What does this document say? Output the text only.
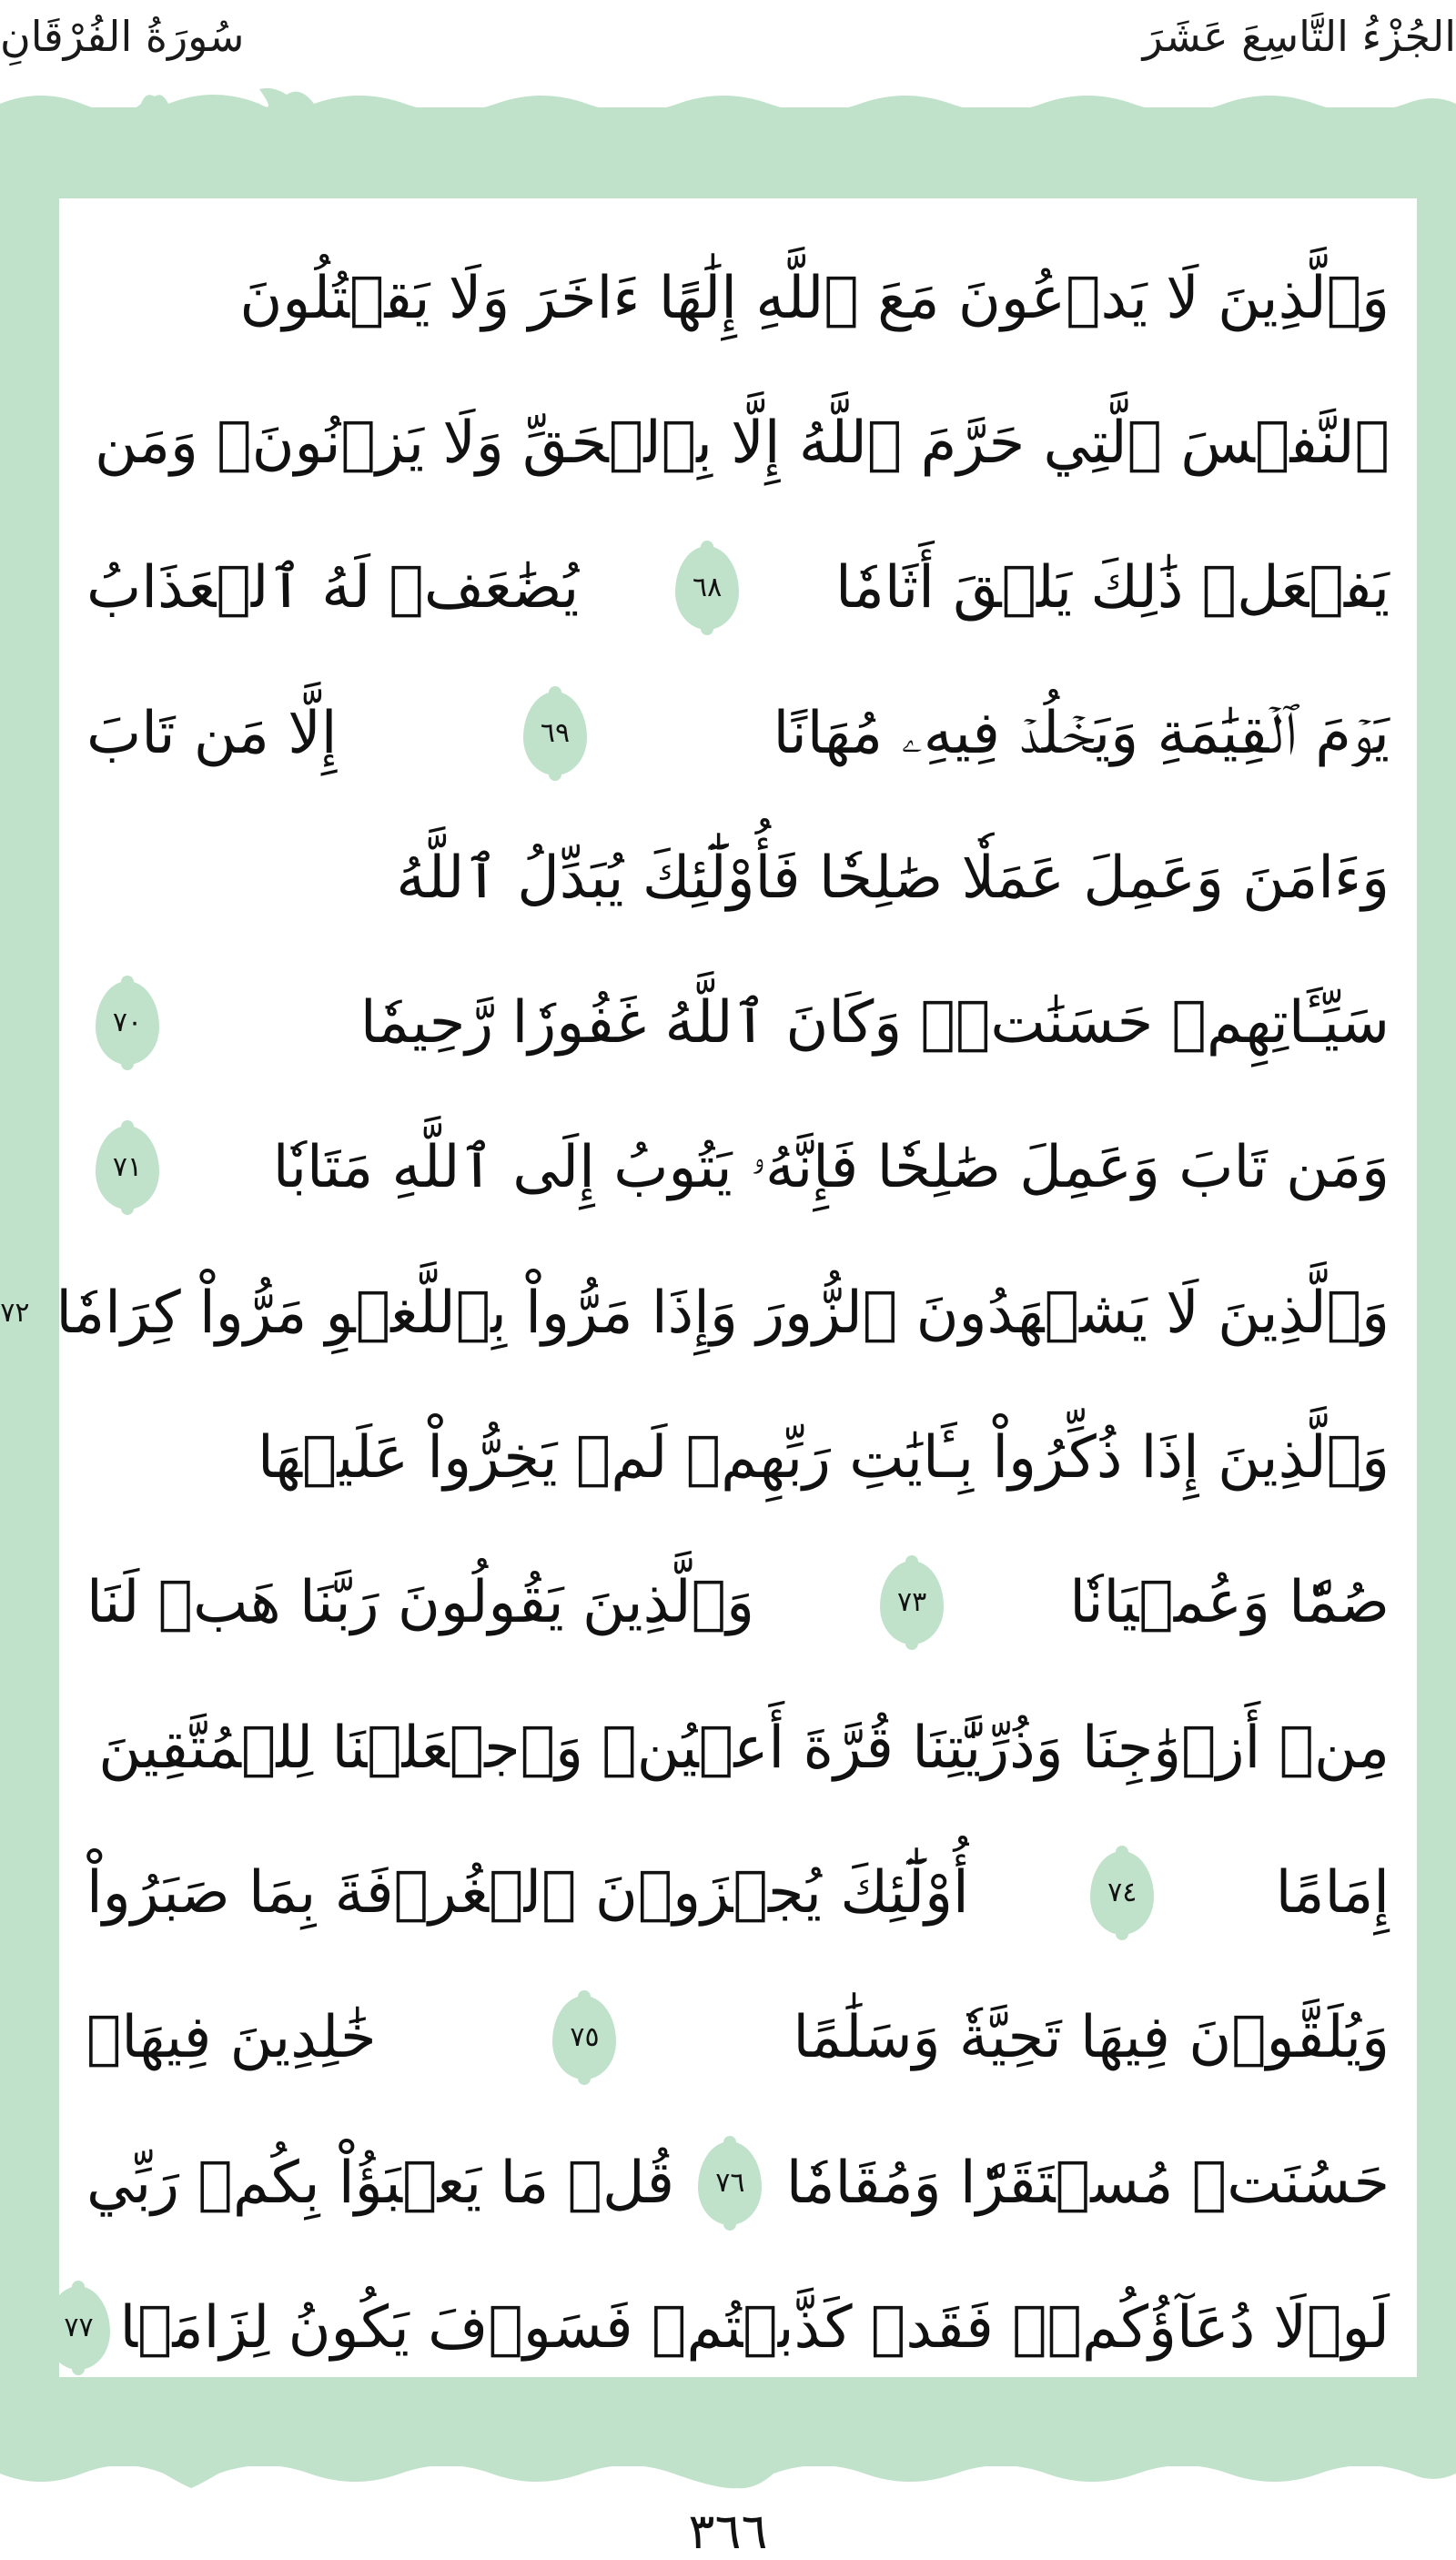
الجُزْءُ التَّاسِعَ عَشَرَ
سُورَةُ الفُرْقَانِ
وَٱلَّذِينَ لَا يَدۡعُونَ مَعَ ٱللَّهِ إِلَٰهًا ءَاخَرَ وَلَا يَقۡتُلُونَ
ٱلنَّفۡسَ ٱلَّتِي حَرَّمَ ٱللَّهُ إِلَّا بِٱلۡحَقِّ وَلَا يَزۡنُونَۚ وَمَن
يَفۡعَلۡ ذَٰلِكَ يَلۡقَ أَثَامٗا
٦٨
يُضَٰعَفۡ لَهُ ٱلۡعَذَابُ
يَوۡمَ ٱلۡقِيَٰمَةِ وَيَخۡلُدۡ فِيهِۦ مُهَانًا
٦٩
إِلَّا مَن تَابَ
وَءَامَنَ وَعَمِلَ عَمَلٗا صَٰلِحٗا فَأُوْلَٰٓئِكَ يُبَدِّلُ ٱللَّهُ
سَيِّـَٔاتِهِمۡ حَسَنَٰتٖۗ وَكَانَ ٱللَّهُ غَفُورٗا رَّحِيمٗا
٧٠
وَمَن تَابَ وَعَمِلَ صَٰلِحٗا فَإِنَّهُۥ يَتُوبُ إِلَى ٱللَّهِ مَتَابٗا
٧١
وَٱلَّذِينَ لَا يَشۡهَدُونَ ٱلزُّورَ وَإِذَا مَرُّواْ بِٱللَّغۡوِ مَرُّواْ كِرَامٗا
٧٢
وَٱلَّذِينَ إِذَا ذُكِّرُواْ بِـَٔايَٰتِ رَبِّهِمۡ لَمۡ يَخِرُّواْ عَلَيۡهَا
صُمّٗا وَعُمۡيَانٗا
٧٣
وَٱلَّذِينَ يَقُولُونَ رَبَّنَا هَبۡ لَنَا
مِنۡ أَزۡوَٰجِنَا وَذُرِّيَّٰتِنَا قُرَّةَ أَعۡيُنٖ وَٱجۡعَلۡنَا لِلۡمُتَّقِينَ
إِمَامًا
٧٤
أُوْلَٰٓئِكَ يُجۡزَوۡنَ ٱلۡغُرۡفَةَ بِمَا صَبَرُواْ
وَيُلَقَّوۡنَ فِيهَا تَحِيَّةٗ وَسَلَٰمًا
٧٥
خَٰلِدِينَ فِيهَاۚ
حَسُنَتۡ مُسۡتَقَرّٗا وَمُقَامٗا
٧٦
قُلۡ مَا يَعۡبَؤُاْ بِكُمۡ رَبِّي
لَوۡلَا دُعَآؤُكُمۡۖ فَقَدۡ كَذَّبۡتُمۡ فَسَوۡفَ يَكُونُ لِزَامَۢا
٧٧
٣٦٦
